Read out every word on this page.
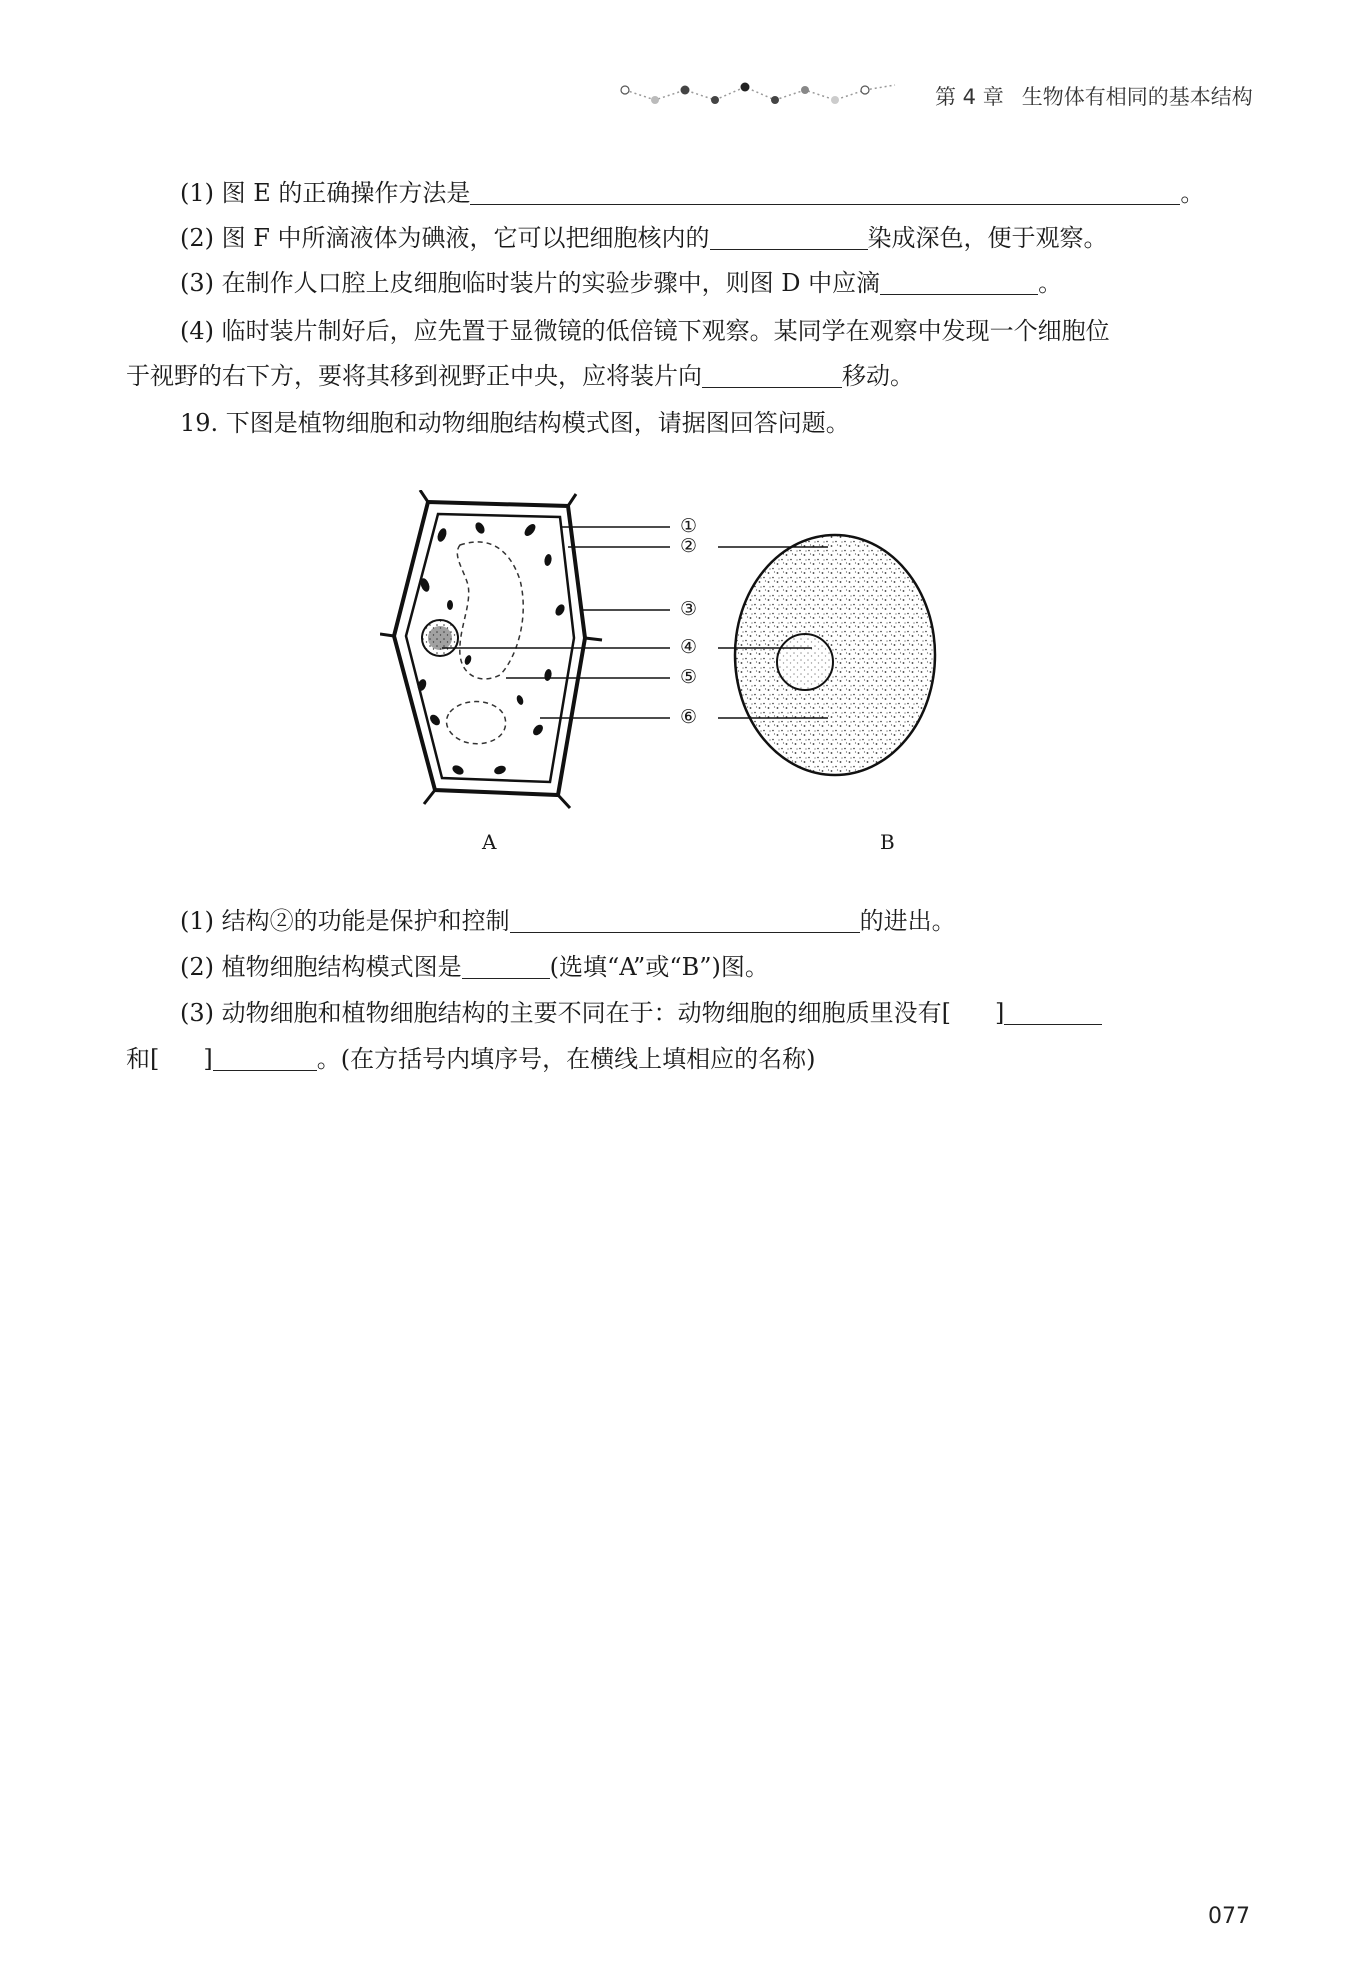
第 4 章 生物体有相同的基本结构
(1) 图 E 的正确操作方法是	。
(2) 图 F 中所滴液体为碘液，它可以把细胞核内的	染成深色，便于观察。
(3) 在制作人口腔上皮细胞临时装片的实验步骤中，则图 D 中应滴	。
(4) 临时装片制好后，应先置于显微镜的低倍镜下观察。某同学在观察中发现一个细胞位
于视野的右下方，要将其移到视野正中央，应将装片向	移动。
19. 下图是植物细胞和动物细胞结构模式图，请据图回答问题。
①
②
③
④
⑤
⑥
A	B
(1) 结构②的功能是保护和控制	的进出。
(2) 植物细胞结构模式图是	(选填“A”或“B”)图。
(3) 动物细胞和植物细胞结构的主要不同在于：动物细胞的细胞质里没有[ ]
和[ ]	。(在方括号内填序号，在横线上填相应的名称)
077
